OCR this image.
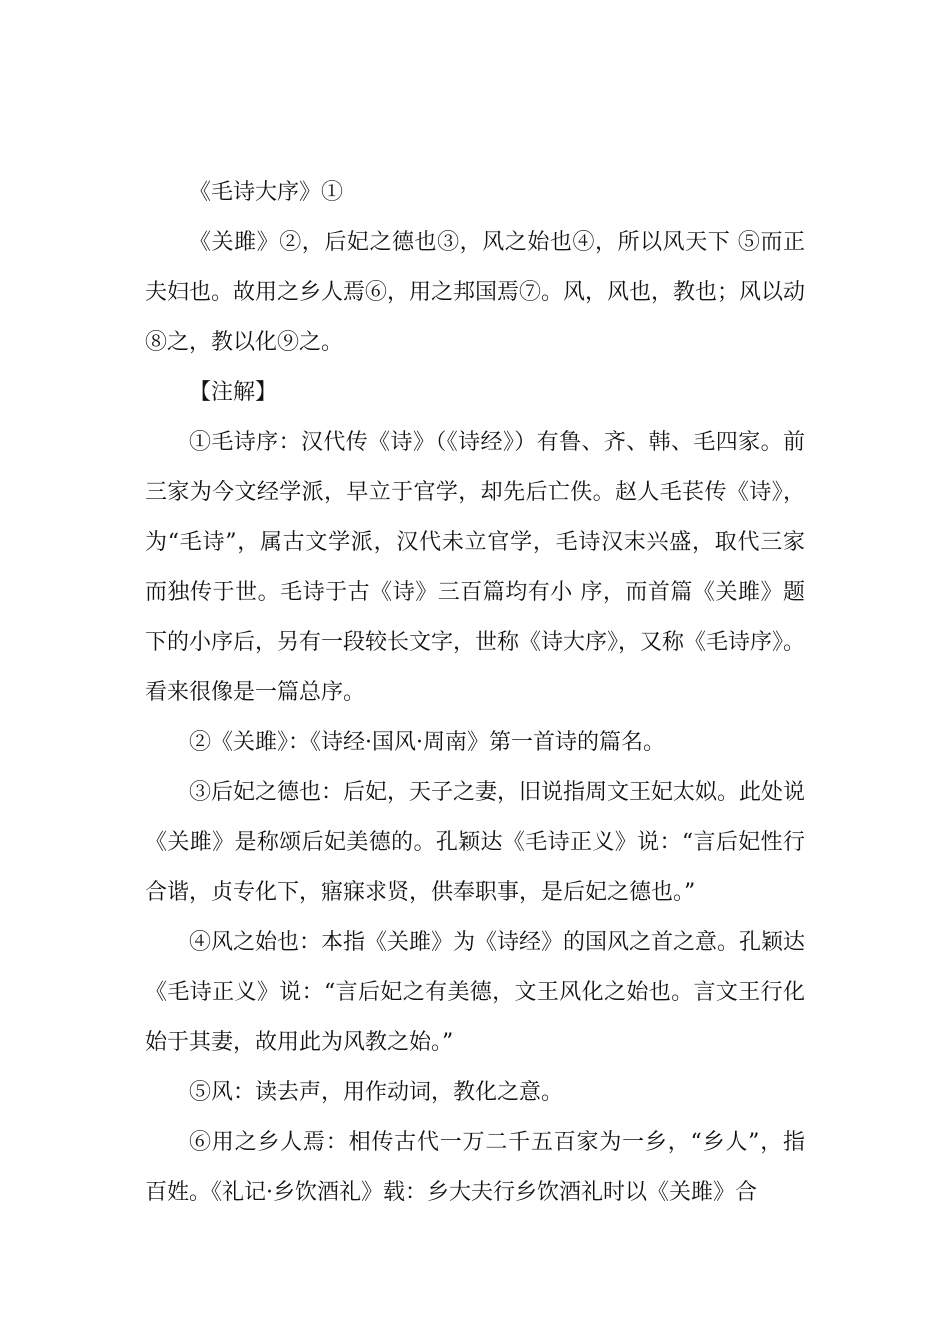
《毛诗大序》①

《关雎》②，后妃之德也③，风之始也④，所以风天下 ⑤而正夫妇也。故用之乡人焉⑥，用之邦国焉⑦。风，风也，教也；风以动⑧之，教以化⑨之。

【注解】

①毛诗序：汉代传《诗》（《诗经》）有鲁、齐、韩、毛四家。前三家为今文经学派，早立于官学，却先后亡佚。赵人毛苌传《诗》，为“毛诗”，属古文学派，汉代未立官学，毛诗汉末兴盛，取代三家而独传于世。毛诗于古《诗》三百篇均有小 序，而首篇《关雎》题下的小序后，另有一段较长文字，世称《诗大序》，又称《毛诗序》。看来很像是一篇总序。

②《关雎》：《诗经·国风·周南》第一首诗的篇名。

③后妃之德也：后妃，天子之妻，旧说指周文王妃太姒。此处说《关雎》是称颂后妃美德的。孔颖达《毛诗正义》说：“言后妃性行合谐，贞专化下，寤寐求贤，供奉职事，是后妃之德也。”

④风之始也：本指《关雎》为《诗经》的国风之首之意。孔颖达《毛诗正义》说：“言后妃之有美德，文王风化之始也。言文王行化始于其妻，故用此为风教之始。”

⑤风：读去声，用作动词，教化之意。

⑥用之乡人焉：相传古代一万二千五百家为一乡，“乡人”，指百姓。《礼记·乡饮酒礼》载：乡大夫行乡饮酒礼时以《关雎》合
